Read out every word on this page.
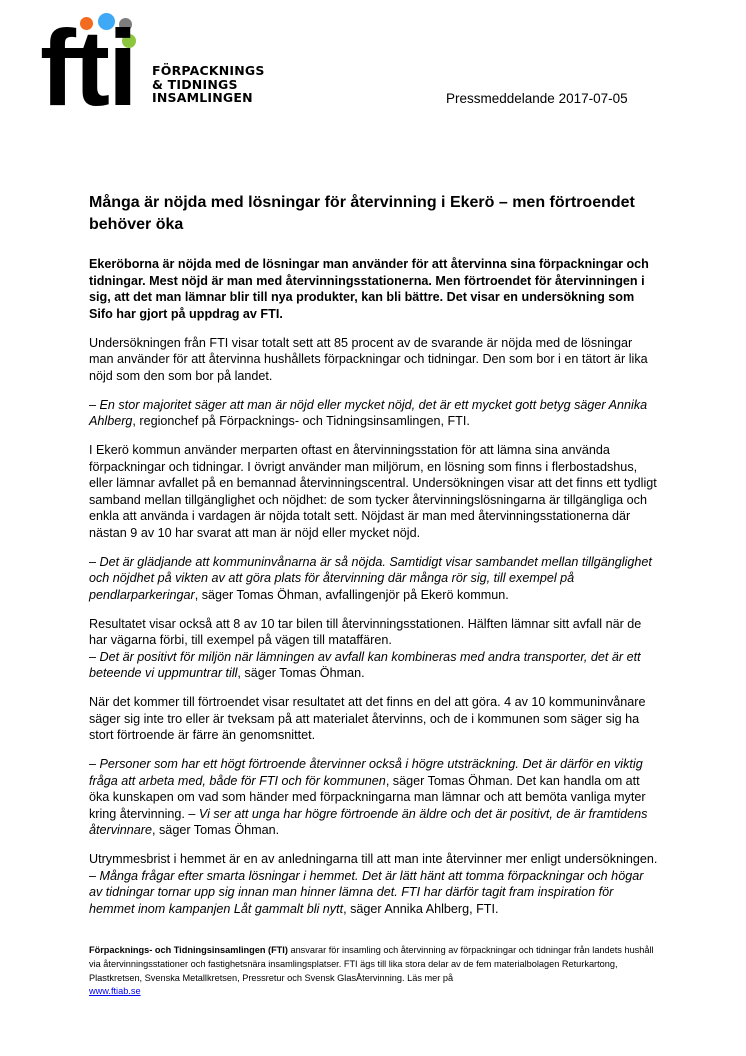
fti FÖRPACKNINGS
& TIDNINGS
INSAMLINGEN	Pressmeddelande 2017-07-05
Många är nöjda med lösningar för återvinning i Ekerö – men förtroendet behöver öka

Ekeröborna är nöjda med de lösningar man använder för att återvinna sina förpackningar och tidningar. Mest nöjd är man med återvinningsstationerna. Men förtroendet för återvinningen i sig, att det man lämnar blir till nya produkter, kan bli bättre. Det visar en undersökning som Sifo har gjort på uppdrag av FTI.

Undersökningen från FTI visar totalt sett att 85 procent av de svarande är nöjda med de lösningar man använder för att återvinna hushållets förpackningar och tidningar. Den som bor i en tätort är lika nöjd som den som bor på landet.

– En stor majoritet säger att man är nöjd eller mycket nöjd, det är ett mycket gott betyg säger Annika Ahlberg, regionchef på Förpacknings- och Tidningsinsamlingen, FTI.

I Ekerö kommun använder merparten oftast en återvinningsstation för att lämna sina använda förpackningar och tidningar. I övrigt använder man miljörum, en lösning som finns i flerbostadshus, eller lämnar avfallet på en bemannad återvinningscentral. Undersökningen visar att det finns ett tydligt samband mellan tillgänglighet och nöjdhet: de som tycker återvinningslösningarna är tillgängliga och enkla att använda i vardagen är nöjda totalt sett. Nöjdast är man med återvinningsstationerna där nästan 9 av 10 har svarat att man är nöjd eller mycket nöjd.

– Det är glädjande att kommuninvånarna är så nöjda. Samtidigt visar sambandet mellan tillgänglighet och nöjdhet på vikten av att göra plats för återvinning där många rör sig, till exempel på pendlarparkeringar, säger Tomas Öhman, avfallingenjör på Ekerö kommun.

Resultatet visar också att 8 av 10 tar bilen till återvinningsstationen. Hälften lämnar sitt avfall när de har vägarna förbi, till exempel på vägen till mataffären.
– Det är positivt för miljön när lämningen av avfall kan kombineras med andra transporter, det är ett beteende vi uppmuntrar till, säger Tomas Öhman.

När det kommer till förtroendet visar resultatet att det finns en del att göra. 4 av 10 kommuninvånare säger sig inte tro eller är tveksam på att materialet återvinns, och de i kommunen som säger sig ha stort förtroende är färre än genomsnittet.

– Personer som har ett högt förtroende återvinner också i högre utsträckning. Det är därför en viktig fråga att arbeta med, både för FTI och för kommunen, säger Tomas Öhman. Det kan handla om att öka kunskapen om vad som händer med förpackningarna man lämnar och att bemöta vanliga myter kring återvinning. – Vi ser att unga har högre förtroende än äldre och det är positivt, de är framtidens återvinnare, säger Tomas Öhman.

Utrymmesbrist i hemmet är en av anledningarna till att man inte återvinner mer enligt undersökningen.
– Många frågar efter smarta lösningar i hemmet. Det är lätt hänt att tomma förpackningar och högar av tidningar tornar upp sig innan man hinner lämna det. FTI har därför tagit fram inspiration för hemmet inom kampanjen Låt gammalt bli nytt, säger Annika Ahlberg, FTI.

Förpacknings- och Tidningsinsamlingen (FTI) ansvarar för insamling och återvinning av förpackningar och tidningar från landets hushåll via återvinningsstationer och fastighetsnära insamlingsplatser. FTI ägs till lika stora delar av de fem materialbolagen Returkartong, Plastkretsen, Svenska Metallkretsen, Pressretur och Svensk GlasÅtervinning. Läs mer på
www.ftiab.se
